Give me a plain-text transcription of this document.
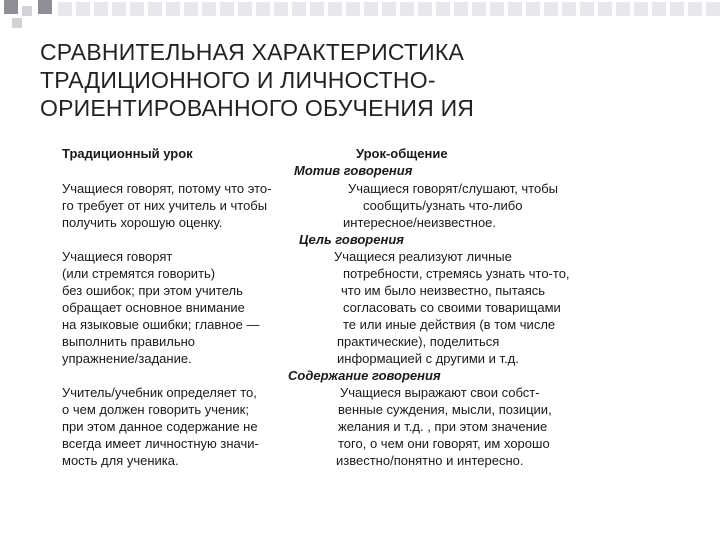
СРАВНИТЕЛЬНАЯ ХАРАКТЕРИСТИКА
ТРАДИЦИОННОГО И ЛИЧНОСТНО-
ОРИЕНТИРОВАННОГО ОБУЧЕНИЯ ИЯ
Традиционный урок	Урок-общение
Мотив говорения
Учащиеся говорят, потому что это-
го требует от них учитель и чтобы
получить хорошую оценку.
Учащиеся говорят/слушают, чтобы
сообщить/узнать что-либо
интересное/неизвестное.
Цель говорения
Учащиеся говорят
(или стремятся говорить)
без ошибок; при этом учитель
обращает основное внимание
на языковые ошибки; главное —
выполнить правильно
упражнение/задание.
Учащиеся реализуют личные
потребности, стремясь узнать что-то,
что им было неизвестно, пытаясь
согласовать со своими товарищами
те или иные действия (в том числе
практические), поделиться
информацией с другими и т.д.
Содержание говорения
Учитель/учебник определяет то,
о чем должен говорить ученик;
при этом данное содержание не
всегда имеет личностную значи-
мость для ученика.
Учащиеся выражают свои собст-
венные суждения, мысли, позиции,
желания и т.д. , при этом значение
того, о чем они говорят, им хорошо
известно/понятно и интересно.
